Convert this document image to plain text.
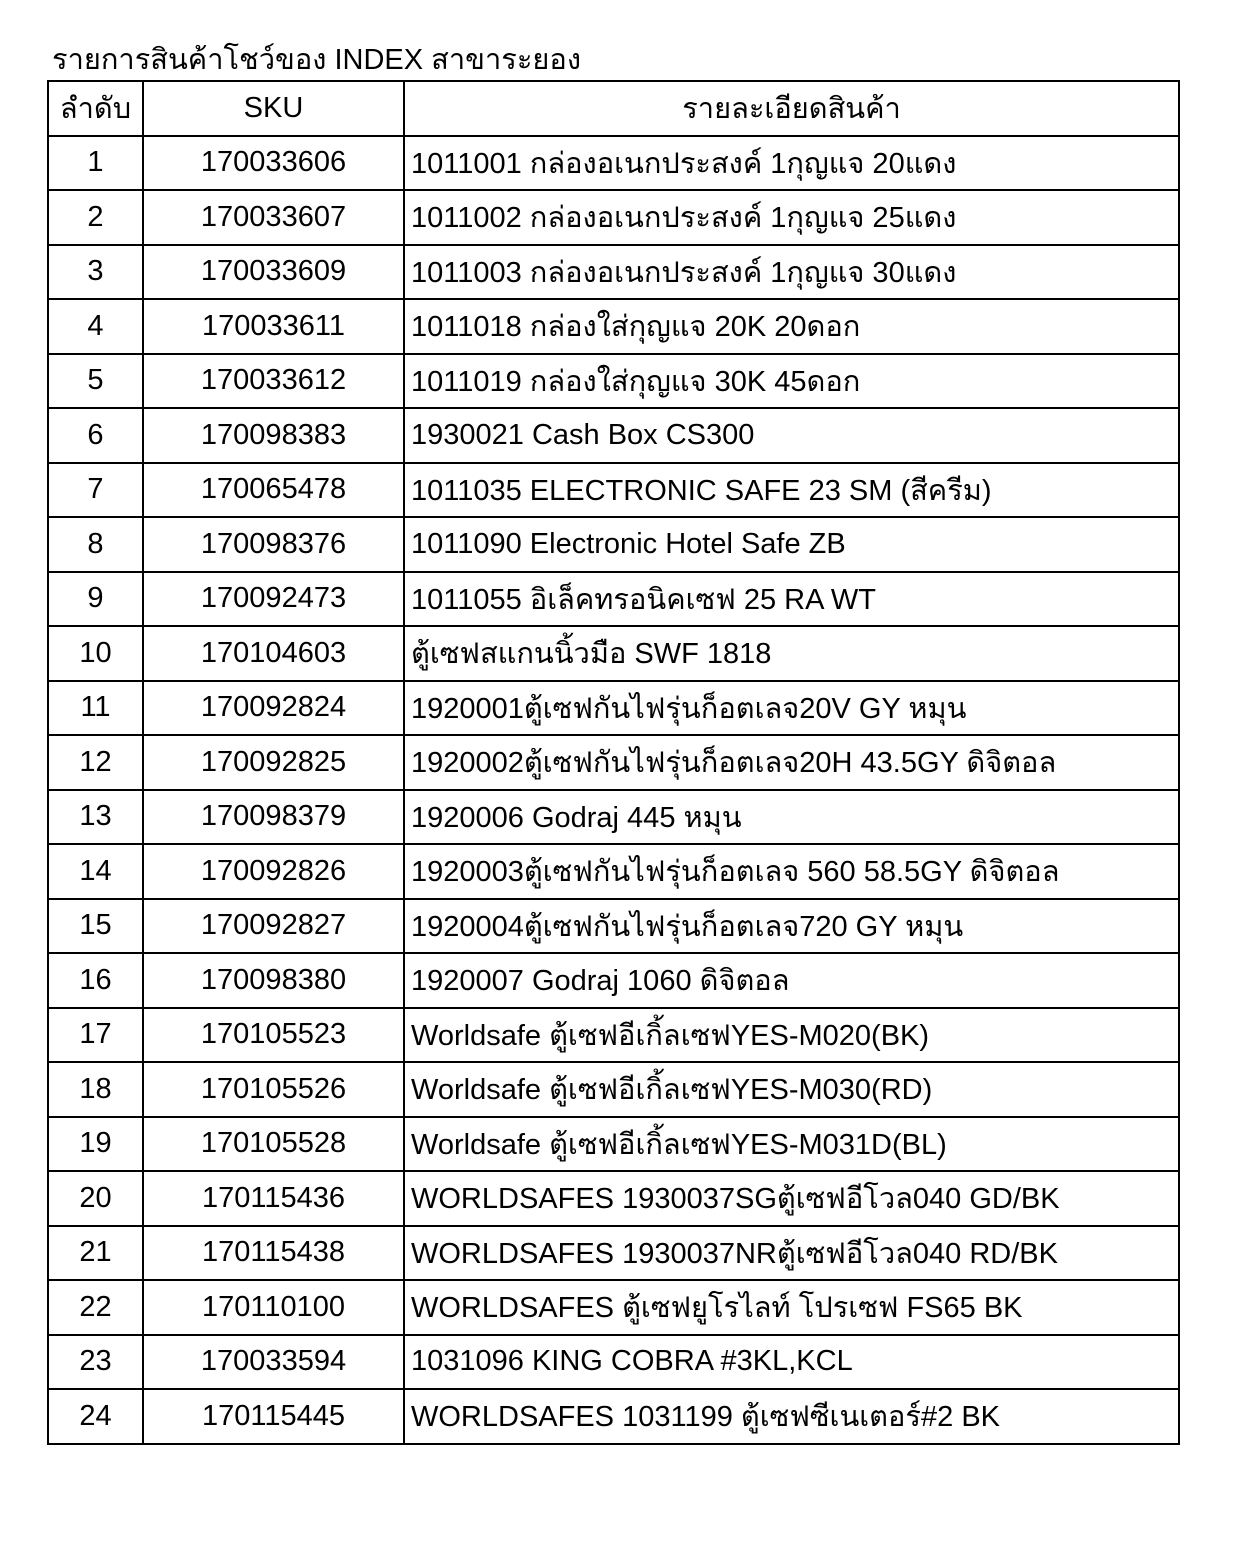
รายการสินค้าโชว์ของ INDEX สาขาระยอง
ลำดับ	SKU	รายละเอียดสินค้า
1	170033606	1011001 กล่องอเนกประสงค์ 1กุญแจ 20แดง
2	170033607	1011002 กล่องอเนกประสงค์ 1กุญแจ 25แดง
3	170033609	1011003 กล่องอเนกประสงค์ 1กุญแจ 30แดง
4	170033611	1011018 กล่องใส่กุญแจ 20K 20ดอก
5	170033612	1011019 กล่องใส่กุญแจ 30K 45ดอก
6	170098383	1930021 Cash Box CS300
7	170065478	1011035 ELECTRONIC SAFE 23 SM (สีครีม)
8	170098376	1011090 Electronic Hotel Safe ZB
9	170092473	1011055 อิเล็คทรอนิคเซฟ 25 RA WT
10	170104603	ตู้เซฟสแกนนิ้วมือ SWF 1818
11	170092824	1920001ตู้เซฟกันไฟรุ่นก็อตเลจ20V GY หมุน
12	170092825	1920002ตู้เซฟกันไฟรุ่นก็อตเลจ20H 43.5GY ดิจิตอล
13	170098379	1920006 Godraj 445 หมุน
14	170092826	1920003ตู้เซฟกันไฟรุ่นก็อตเลจ 560 58.5GY ดิจิตอล
15	170092827	1920004ตู้เซฟกันไฟรุ่นก็อตเลจ720 GY หมุน
16	170098380	1920007 Godraj 1060 ดิจิตอล
17	170105523	Worldsafe ตู้เซฟอีเกิ้ลเซฟYES-M020(BK)
18	170105526	Worldsafe ตู้เซฟอีเกิ้ลเซฟYES-M030(RD)
19	170105528	Worldsafe ตู้เซฟอีเกิ้ลเซฟYES-M031D(BL)
20	170115436	WORLDSAFES 1930037SGตู้เซฟอีโวล040 GD/BK
21	170115438	WORLDSAFES 1930037NRตู้เซฟอีโวล040 RD/BK
22	170110100	WORLDSAFES ตู้เซฟยูโรไลท์ โปรเซฟ FS65 BK
23	170033594	1031096 KING COBRA #3KL,KCL
24	170115445	WORLDSAFES 1031199 ตู้เซฟซีเนเตอร์#2 BK
